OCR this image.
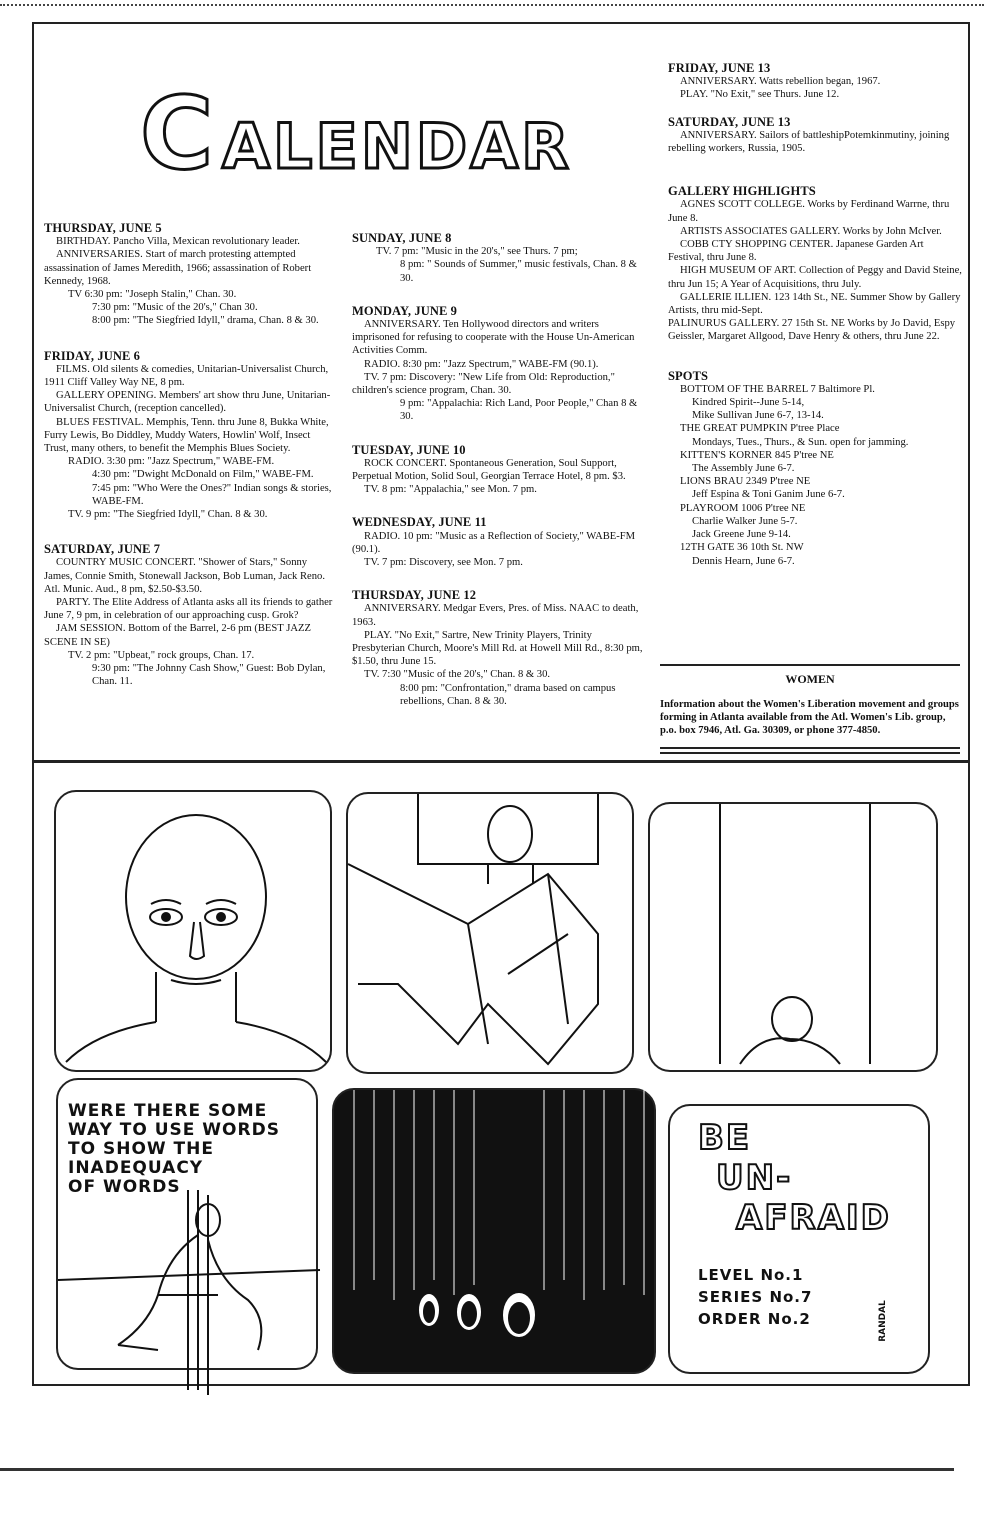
C ALENDAR

THURSDAY, JUNE 5

BIRTHDAY. Pancho Villa, Mexican revolutionary leader.

ANNIVERSARIES. Start of march protesting attempted assassination of James Meredith, 1966; assassination of Robert Kennedy, 1968.

TV 6:30 pm: "Joseph Stalin," Chan. 30.

7:30 pm: "Music of the 20's," Chan 30.

8:00 pm: "The Siegfried Idyll," drama, Chan. 8 & 30.

FRIDAY, JUNE 6

FILMS. Old silents & comedies, Unitarian-Universalist Church, 1911 Cliff Valley Way NE, 8 pm.

GALLERY OPENING. Members' art show thru June, Unitarian-Universalist Church, (reception cancelled).

BLUES FESTIVAL. Memphis, Tenn. thru June 8, Bukka White, Furry Lewis, Bo Diddley, Muddy Waters, Howlin' Wolf, Insect Trust, many others, to benefit the Memphis Blues Society.

RADIO. 3:30 pm: "Jazz Spectrum," WABE-FM.

4:30 pm: "Dwight McDonald on Film," WABE-FM.

7:45 pm: "Who Were the Ones?" Indian songs & stories, WABE-FM.

TV. 9 pm: "The Siegfried Idyll," Chan. 8 & 30.

SATURDAY, JUNE 7

COUNTRY MUSIC CONCERT. "Shower of Stars," Sonny James, Connie Smith, Stonewall Jackson, Bob Luman, Jack Reno. Atl. Munic. Aud., 8 pm, $2.50-$3.50.

PARTY. The Elite Address of Atlanta asks all its friends to gather June 7, 9 pm, in celebration of our approaching cusp. Grok?

JAM SESSION. Bottom of the Barrel, 2-6 pm (BEST JAZZ SCENE IN SE)

TV. 2 pm: "Upbeat," rock groups, Chan. 17.

9:30 pm: "The Johnny Cash Show," Guest: Bob Dylan, Chan. 11.

SUNDAY, JUNE 8

TV. 7 pm: "Music in the 20's," see Thurs. 7 pm;

8 pm: " Sounds of Summer," music festivals, Chan. 8 & 30.

MONDAY, JUNE 9

ANNIVERSARY. Ten Hollywood directors and writers imprisoned for refusing to cooperate with the House Un-American Activities Comm.

RADIO. 8:30 pm: "Jazz Spectrum," WABE-FM (90.1).

TV. 7 pm: Discovery: "New Life from Old: Reproduction," children's science program, Chan. 30.

9 pm: "Appalachia: Rich Land, Poor People," Chan 8 & 30.

TUESDAY, JUNE 10

ROCK CONCERT. Spontaneous Generation, Soul Support, Perpetual Motion, Solid Soul, Georgian Terrace Hotel, 8 pm. $3.

TV. 8 pm: "Appalachia," see Mon. 7 pm.

WEDNESDAY, JUNE 11

RADIO. 10 pm: "Music as a Reflection of Society," WABE-FM (90.1).

TV. 7 pm: Discovery, see Mon. 7 pm.

THURSDAY, JUNE 12

ANNIVERSARY. Medgar Evers, Pres. of Miss. NAAC to death, 1963.

PLAY. "No Exit," Sartre, New Trinity Players, Trinity Presbyterian Church, Moore's Mill Rd. at Howell Mill Rd., 8:30 pm, $1.50, thru June 15.

TV. 7:30 "Music of the 20's," Chan. 8 & 30.

8:00 pm: "Confrontation," drama based on campus rebellions, Chan. 8 & 30.

FRIDAY, JUNE 13

ANNIVERSARY. Watts rebellion began, 1967.

PLAY. "No Exit," see Thurs. June 12.

SATURDAY, JUNE 13

ANNIVERSARY. Sailors of battleshipPotemkinmutiny, joining rebelling workers, Russia, 1905.

GALLERY HIGHLIGHTS

AGNES SCOTT COLLEGE. Works by Ferdinand Warrne, thru June 8.

ARTISTS ASSOCIATES GALLERY. Works by John McIver.

COBB CTY SHOPPING CENTER. Japanese Garden Art Festival, thru June 8.

HIGH MUSEUM OF ART. Collection of Peggy and David Steine, thru Jun 15; A Year of Acquisitions, thru July.

GALLERIE ILLIEN. 123 14th St., NE. Summer Show by Gallery Artists, thru mid-Sept.

PALINURUS GALLERY. 27 15th St. NE Works by Jo David, Espy Geissler, Margaret Allgood, Dave Henry & others, thru June 22.

SPOTS

BOTTOM OF THE BARREL 7 Baltimore Pl.

Kindred Spirit--June 5-14,

Mike Sullivan June 6-7, 13-14.

THE GREAT PUMPKIN P'tree Place

Mondays, Tues., Thurs., & Sun. open for jamming.

KITTEN'S KORNER 845 P'tree NE

The Assembly June 6-7.

LIONS BRAU 2349 P'tree NE

Jeff Espina & Toni Ganim June 6-7.

PLAYROOM 1006 P'tree NE

Charlie Walker June 5-7.

Jack Greene June 9-14.

12TH GATE 36 10th St. NW

Dennis Hearn, June 6-7.

WOMEN

Information about the Women's Liberation movement and groups forming in Atlanta available from the Atl. Women's Lib. group, p.o. box 7946, Atl. Ga. 30309, or phone 377-4850.

WERE THERE SOME
WAY TO USE WORDS
TO SHOW THE INADEQUACY
OF WORDS
BE
UN-
AFRAID
LEVEL No.1
SERIES No.7
ORDER No.2	RANDAL
